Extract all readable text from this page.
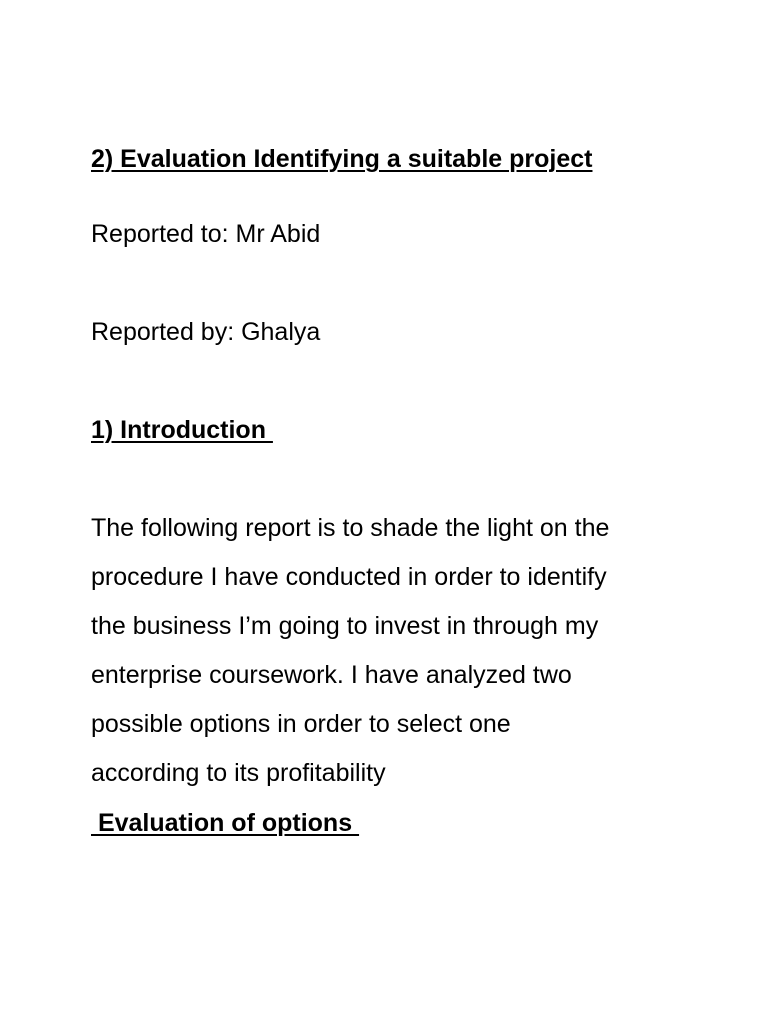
2) Evaluation Identifying a suitable project

Reported to: Mr Abid

Reported by: Ghalya

1) Introduction

The following report is to shade the light on the

procedure I have conducted in order to identify

the business I’m going to invest in through my

enterprise coursework. I have analyzed two

possible options in order to select one

according to its profitability

Evaluation of options
